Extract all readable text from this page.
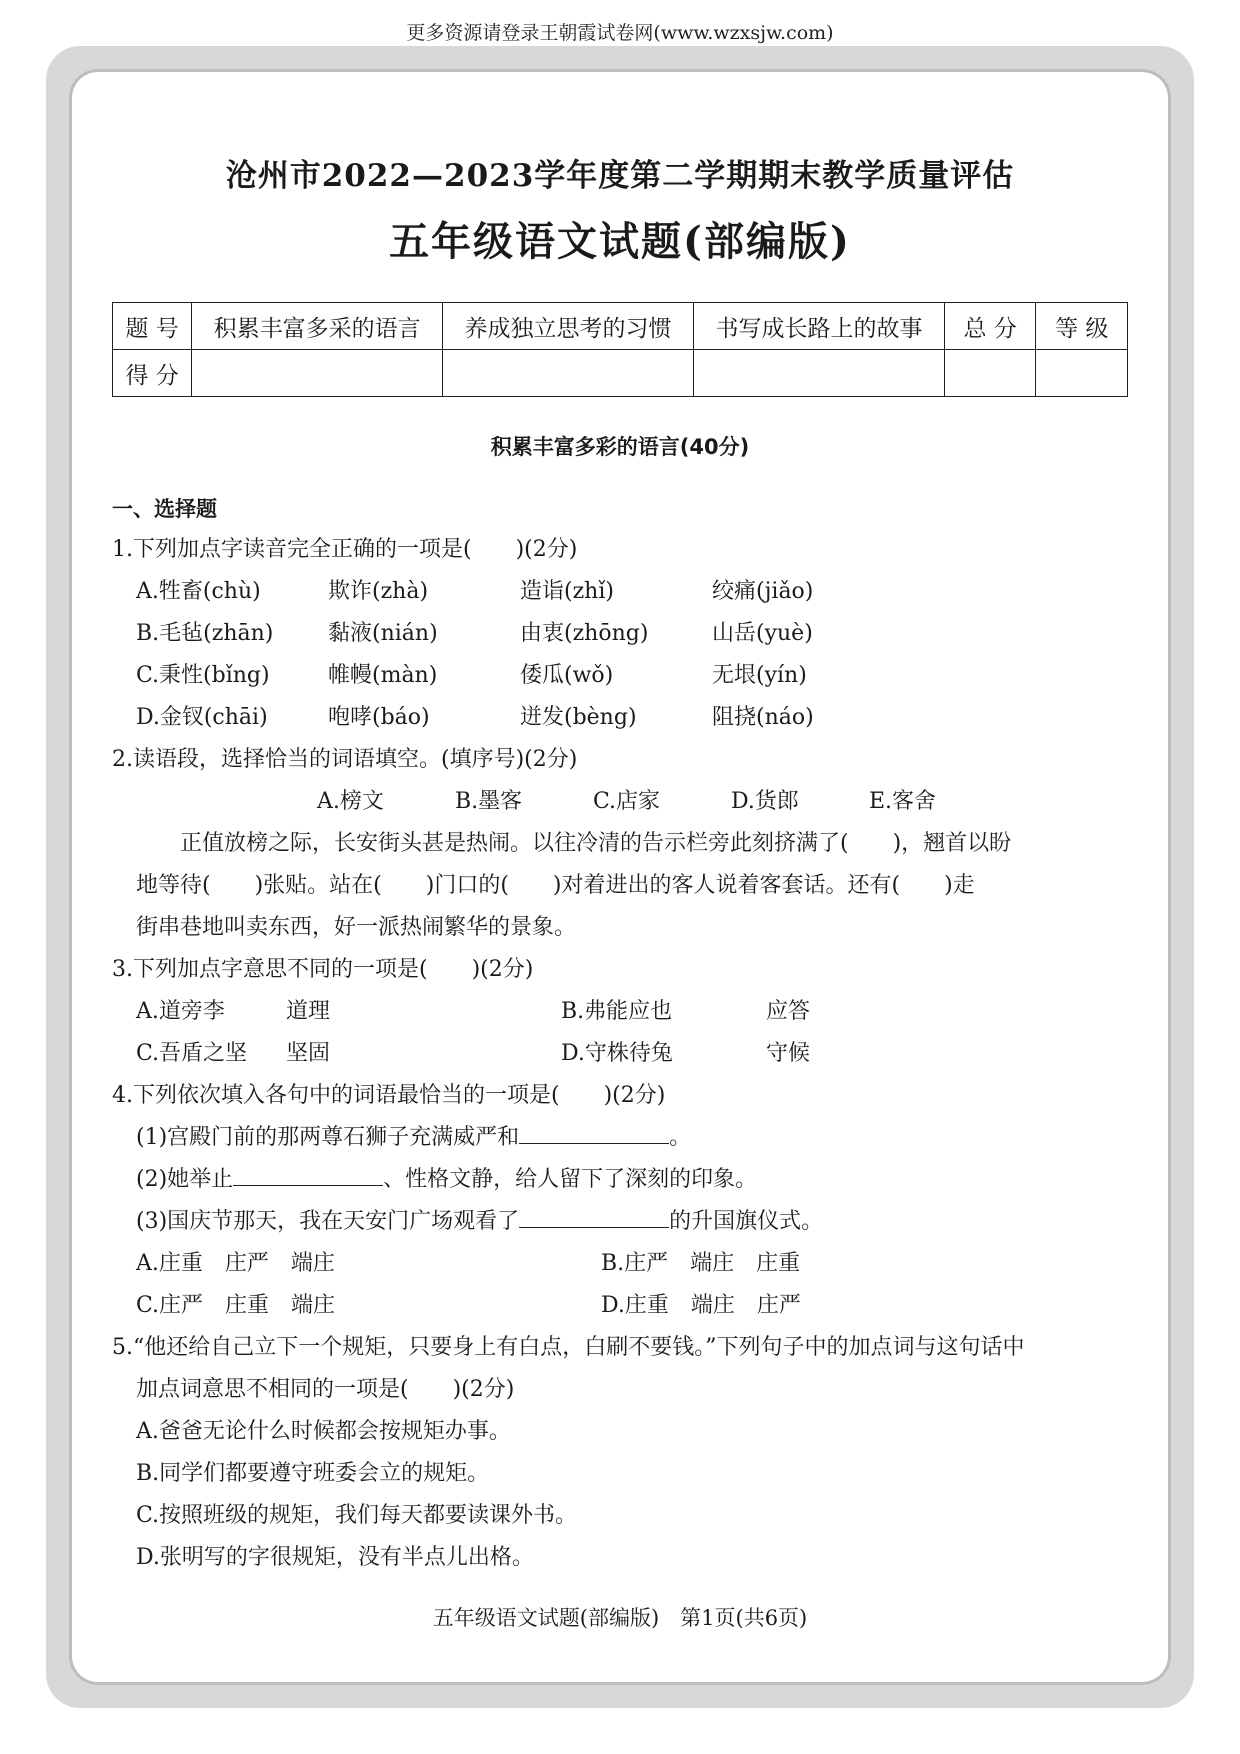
更多资源请登录王朝霞试卷网(www.wzxsjw.com)
沧州市2022—2023学年度第二学期期末教学质量评估
五年级语文试题(部编版)
题 号	积累丰富多采的语言	养成独立思考的习惯	书写成长路上的故事	总 分	等 级
得 分					
积累丰富多彩的语言(40分)
一、选择题
1.下列加点字读音完全正确的一项是(　　)(2分)
A.牲畜(chù)	欺诈(zhà)	造诣(zhǐ)	绞痛(jiǎo)
B.毛毡(zhān)	黏液(nián)	由衷(zhōng)	山岳(yuè)
C.秉性(bǐng)	帷幔(màn)	倭瓜(wǒ)	无垠(yín)
D.金钗(chāi)	咆哮(báo)	迸发(bèng)	阻挠(náo)
2.读语段，选择恰当的词语填空。(填序号)(2分)
A.榜文	B.墨客	C.店家	D.货郎	E.客舍

　　正值放榜之际，长安街头甚是热闹。以往冷清的告示栏旁此刻挤满了(　　)，翘首以盼

地等待(　　)张贴。站在(　　)门口的(　　)对着进出的客人说着客套话。还有(　　)走

街串巷地叫卖东西，好一派热闹繁华的景象。

3.下列加点字意思不同的一项是(　　)(2分)
A.道旁李	道理	B.弗能应也	应答
C.吾盾之坚	坚固	D.守株待兔	守候
4.下列依次填入各句中的词语最恰当的一项是(　　)(2分)
(1)宫殿门前的那两尊石狮子充满威严和	。
(2)她举止	、性格文静，给人留下了深刻的印象。
(3)国庆节那天，我在天安门广场观看了	的升国旗仪式。
A.庄重　庄严　端庄	B.庄严　端庄　庄重
C.庄严　庄重　端庄	D.庄重　端庄　庄严
5.“他还给自己立下一个规矩，只要身上有白点，白刷不要钱。”下列句子中的加点词与这句话中
加点词意思不相同的一项是(　　)(2分)
A.爸爸无论什么时候都会按规矩办事。
B.同学们都要遵守班委会立的规矩。
C.按照班级的规矩，我们每天都要读课外书。
D.张明写的字很规矩，没有半点儿出格。
五年级语文试题(部编版)　第1页(共6页)
